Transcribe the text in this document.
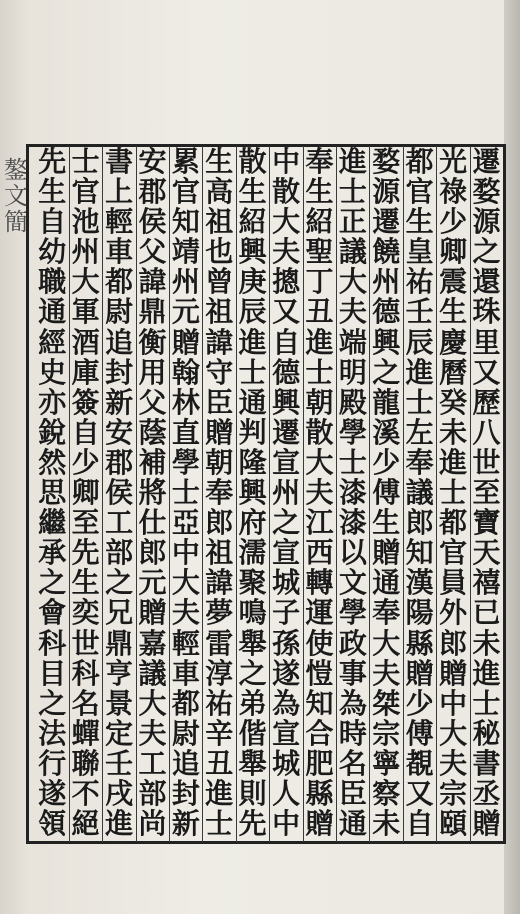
鏊
文
簡
遷
婺
源
之
還
珠
里
又
歷
八
世
至
寶
天
禧
已
未
進
士
秘
書
丞
贈
光
祿
少
卿
震
生
慶
曆
癸
未
進
士
都
官
員
外
郎
贈
中
大
夫
宗
頤
都
官
生
皇
祐
壬
辰
進
士
左
奉
議
郎
知
漢
陽
縣
贈
少
傅
覩
又
自
婺
源
遷
饒
州
德
興
之
龍
溪
少
傅
生
贈
通
奉
大
夫
桀
宗
寧
察
未
進
士
正
議
大
夫
端
明
殿
學
士
漆
漆
以
文
學
政
事
為
時
名
臣
通
奉
生
紹
聖
丁
丑
進
士
朝
散
大
夫
江
西
轉
運
使
愷
知
合
肥
縣
贈
中
散
大
夫
摠
又
自
德
興
遷
宣
州
之
宣
城
子
孫
遂
為
宣
城
人
中
散
生
紹
興
庚
辰
進
士
通
判
隆
興
府
濡
聚
鳴
舉
之
弟
偕
舉
則
先
生
高
祖
也
曾
祖
諱
守
臣
贈
朝
奉
郎
祖
諱
夢
雷
淳
祐
辛
丑
進
士
累
官
知
靖
州
元
贈
翰
林
直
學
士
亞
中
大
夫
輕
車
都
尉
追
封
新
安
郡
侯
父
諱
鼎
衡
用
父
蔭
補
將
仕
郎
元
贈
嘉
議
大
夫
工
部
尚
書
上
輕
車
都
尉
追
封
新
安
郡
侯
工
部
之
兄
鼎
亨
景
定
壬
戌
進
士
官
池
州
大
軍
酒
庫
簽
自
少
卿
至
先
生
奕
世
科
名
蟬
聯
不
絕
先
生
自
幼
職
通
經
史
亦
銳
然
思
繼
承
之
會
科
目
之
法
行
遂
領
